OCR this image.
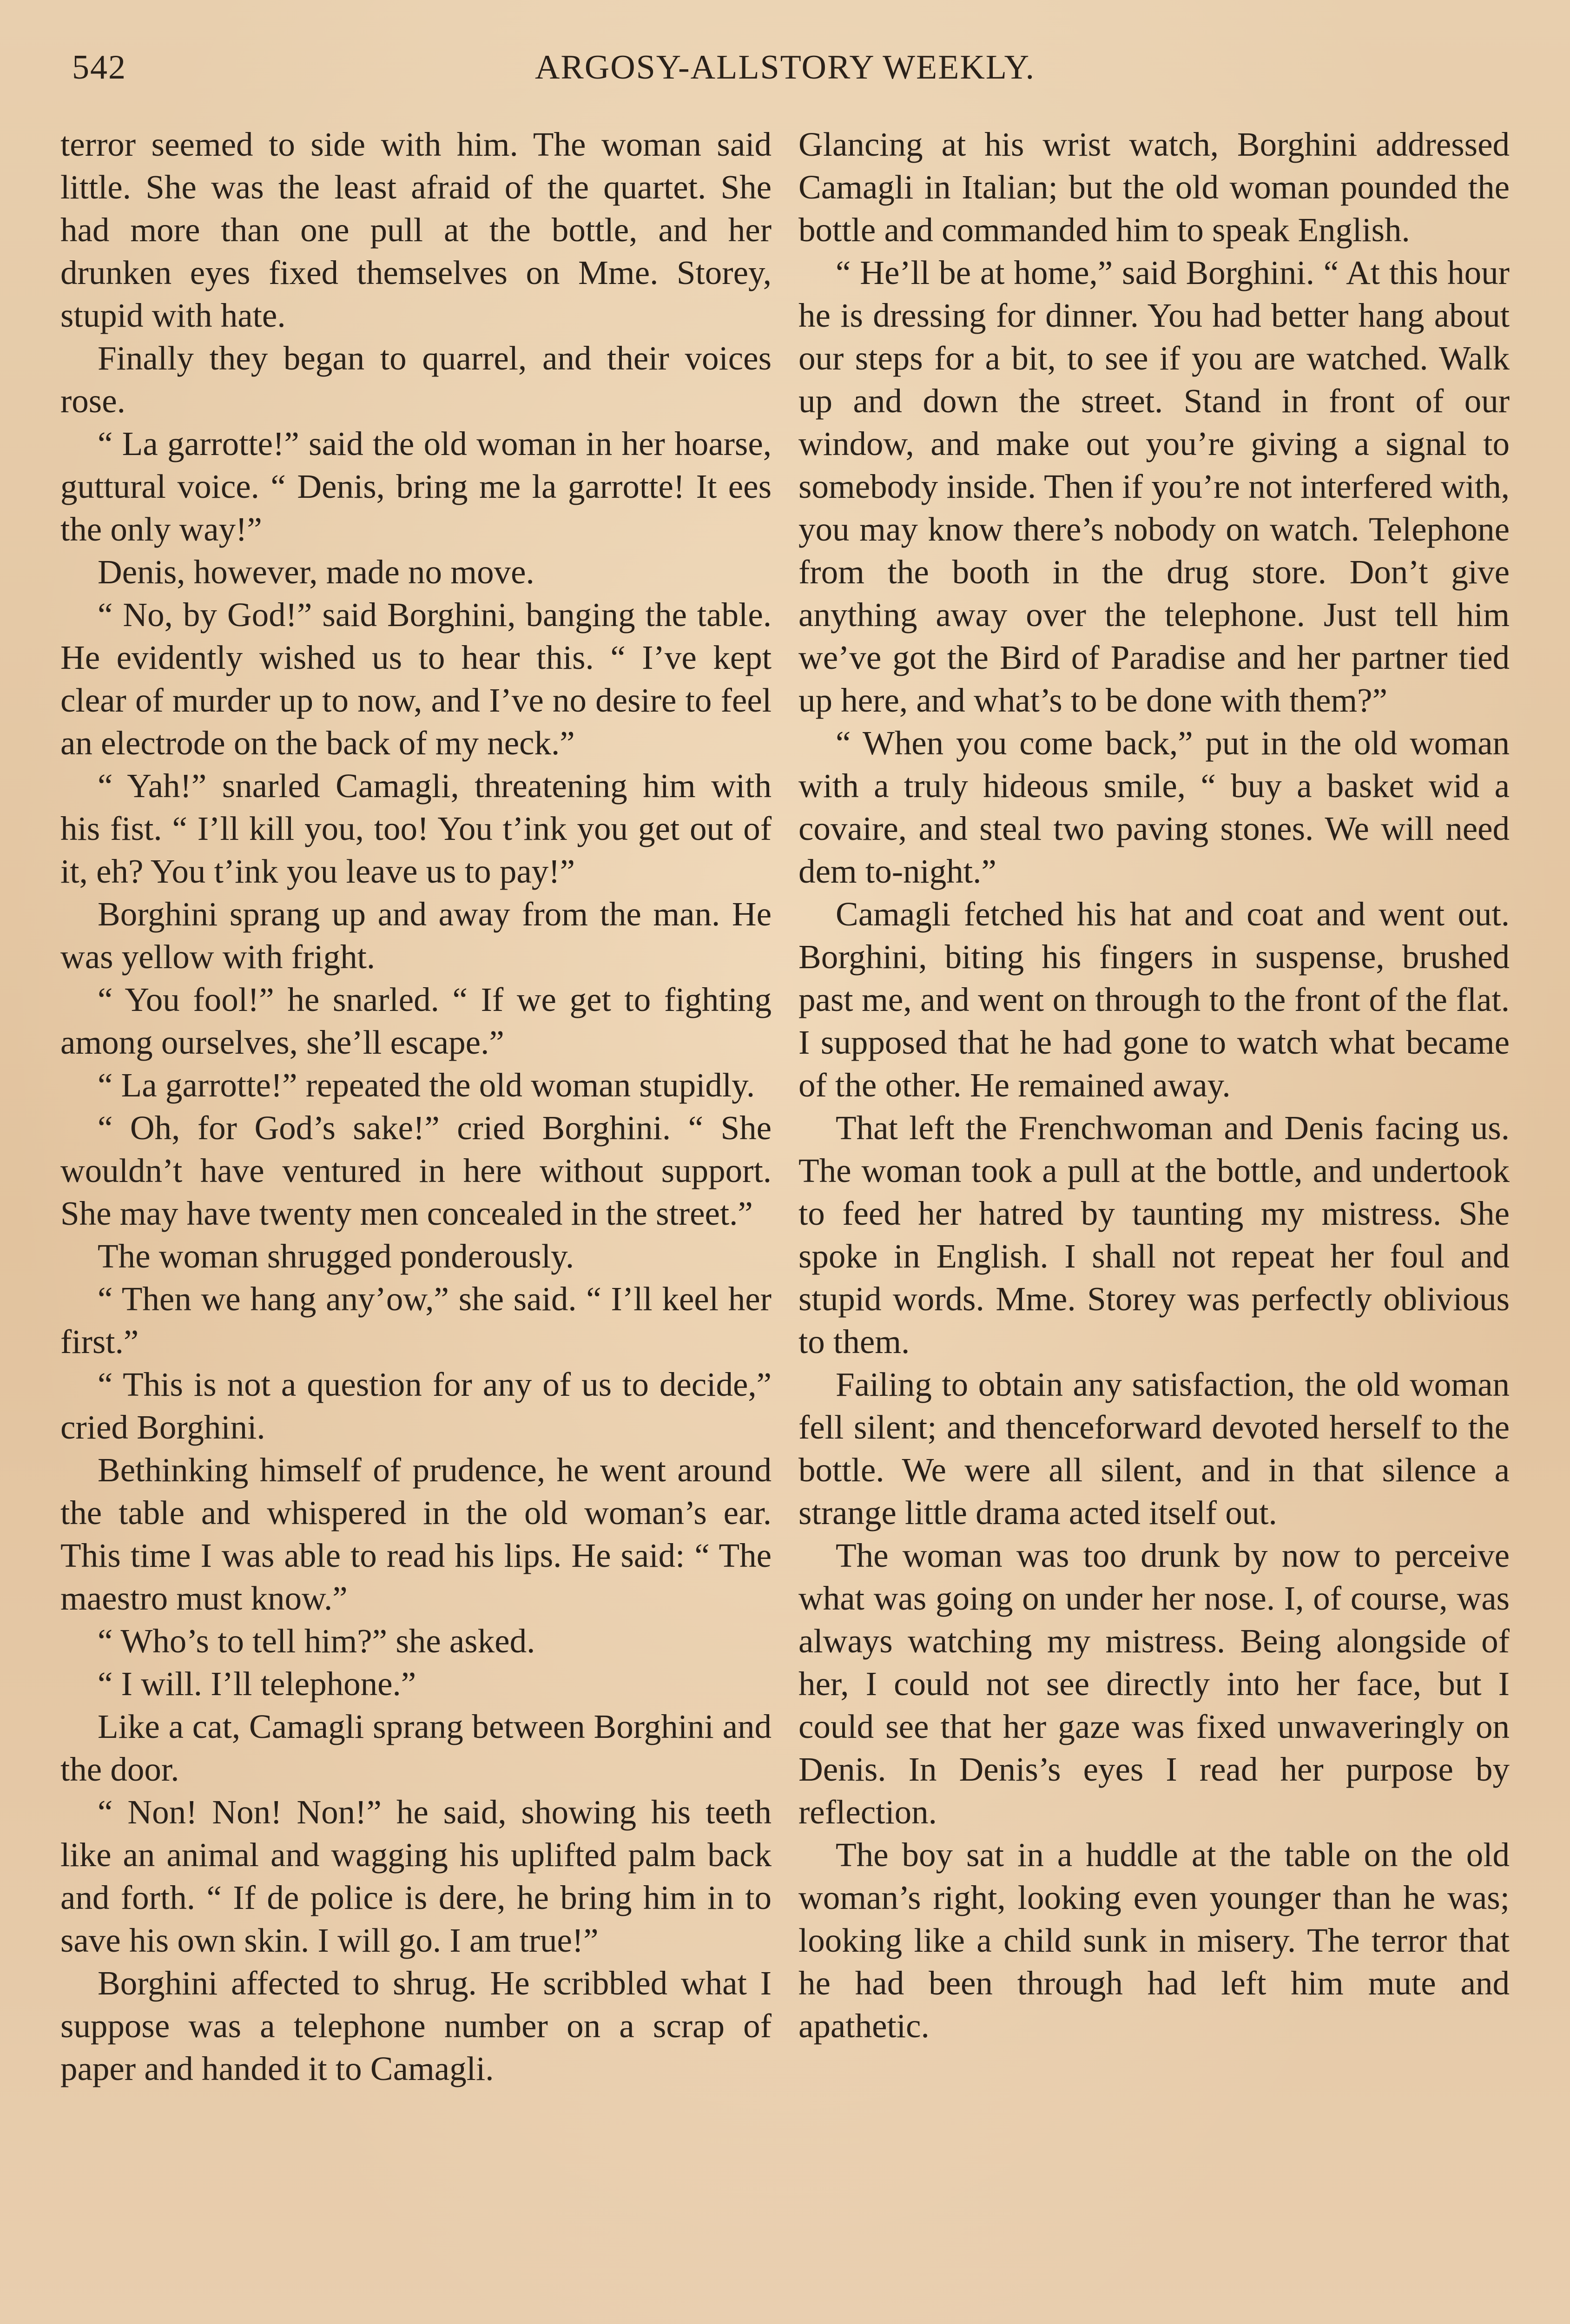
542	ARGOSY-ALLSTORY WEEKLY.

terror seemed to side with him. The woman said little. She was the least afraid of the quartet. She had more than one pull at the bottle, and her drunken eyes fixed themselves on Mme. Storey, stupid with hate.

Finally they began to quarrel, and their voices rose.

“ La garrotte!” said the old woman in her hoarse, guttural voice. “ Denis, bring me la garrotte! It ees the only way!”

Denis, however, made no move.

“ No, by God!” said Borghini, banging the table. He evidently wished us to hear this. “ I’ve kept clear of murder up to now, and I’ve no desire to feel an electrode on the back of my neck.”

“ Yah!” snarled Camagli, threatening him with his fist. “ I’ll kill you, too! You t’ink you get out of it, eh? You t’ink you leave us to pay!”

Borghini sprang up and away from the man. He was yellow with fright.

“ You fool!” he snarled. “ If we get to fighting among ourselves, she’ll escape.”

“ La garrotte!” repeated the old woman stupidly.

“ Oh, for God’s sake!” cried Borghini. “ She wouldn’t have ventured in here without support. She may have twenty men concealed in the street.”

The woman shrugged ponderously.

“ Then we hang any’ow,” she said. “ I’ll keel her first.”

“ This is not a question for any of us to decide,” cried Borghini.

Bethinking himself of prudence, he went around the table and whispered in the old woman’s ear. This time I was able to read his lips. He said: “ The maestro must know.”

“ Who’s to tell him?” she asked.

“ I will. I’ll telephone.”

Like a cat, Camagli sprang between Borghini and the door.

“ Non! Non! Non!” he said, showing his teeth like an animal and wagging his uplifted palm back and forth. “ If de police is dere, he bring him in to save his own skin. I will go. I am true!”

Borghini affected to shrug. He scribbled what I suppose was a telephone number on a scrap of paper and handed it to Camagli.

Glancing at his wrist watch, Borghini addressed Camagli in Italian; but the old woman pounded the bottle and commanded him to speak English.

“ He’ll be at home,” said Borghini. “ At this hour he is dressing for dinner. You had better hang about our steps for a bit, to see if you are watched. Walk up and down the street. Stand in front of our window, and make out you’re giving a signal to somebody inside. Then if you’re not interfered with, you may know there’s nobody on watch. Telephone from the booth in the drug store. Don’t give anything away over the telephone. Just tell him we’ve got the Bird of Paradise and her partner tied up here, and what’s to be done with them?”

“ When you come back,” put in the old woman with a truly hideous smile, “ buy a basket wid a covaire, and steal two paving stones. We will need dem to-night.”

Camagli fetched his hat and coat and went out. Borghini, biting his fingers in suspense, brushed past me, and went on through to the front of the flat. I supposed that he had gone to watch what became of the other. He remained away.

That left the Frenchwoman and Denis facing us. The woman took a pull at the bottle, and undertook to feed her hatred by taunting my mistress. She spoke in English. I shall not repeat her foul and stupid words. Mme. Storey was perfectly oblivious to them.

Failing to obtain any satisfaction, the old woman fell silent; and thenceforward devoted herself to the bottle. We were all silent, and in that silence a strange little drama acted itself out.

The woman was too drunk by now to perceive what was going on under her nose. I, of course, was always watching my mistress. Being alongside of her, I could not see directly into her face, but I could see that her gaze was fixed unwaveringly on Denis. In Denis’s eyes I read her purpose by reflection.

The boy sat in a huddle at the table on the old woman’s right, looking even younger than he was; looking like a child sunk in misery. The terror that he had been through had left him mute and apathetic.
